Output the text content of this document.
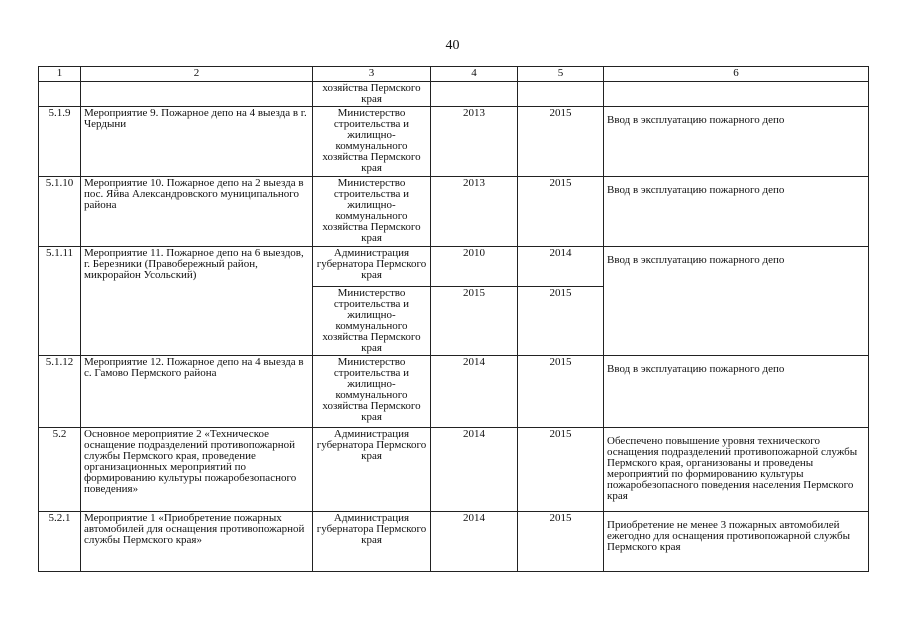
40
1	2	3	4	5	6
		хозяйства Пермского края			
5.1.9	Мероприятие 9. Пожарное депо на 4 выезда в г. Чердыни	Министерство строительства и жилищно-коммунального хозяйства Пермского края	2013	2015	Ввод в эксплуатацию пожарного депо
5.1.10	Мероприятие 10. Пожарное депо на 2 выезда в пос. Яйва Александровского муниципального района	Министерство строительства и жилищно-коммунального хозяйства Пермского края	2013	2015	Ввод в эксплуатацию пожарного депо
5.1.11	Мероприятие 11. Пожарное депо на 6 выездов, г. Березники (Правобережный район, микрорайон Усольский)	Администрация губернатора Пермского края	2010	2014	Ввод в эксплуатацию пожарного депо
		Министерство строительства и жилищно-коммунального хозяйства Пермского края	2015	2015	
5.1.12	Мероприятие 12. Пожарное депо на 4 выезда в с. Гамово Пермского района	Министерство строительства и жилищно-коммунального хозяйства Пермского края	2014	2015	Ввод в эксплуатацию пожарного депо
5.2	Основное мероприятие 2 «Техническое оснащение подразделений противопожарной службы Пермского края, проведение организационных мероприятий по формированию культуры пожаробезопасного поведения»	Администрация губернатора Пермского края	2014	2015	Обеспечено повышение уровня технического оснащения подразделений противопожарной службы Пермского края, организованы и проведены мероприятий по формированию культуры пожаробезопасного поведения населения Пермского края
5.2.1	Мероприятие 1 «Приобретение пожарных автомобилей для оснащения противопожарной службы Пермского края»	Администрация губернатора Пермского края	2014	2015	Приобретение не менее 3 пожарных автомобилей ежегодно для оснащения противопожарной службы Пермского края
